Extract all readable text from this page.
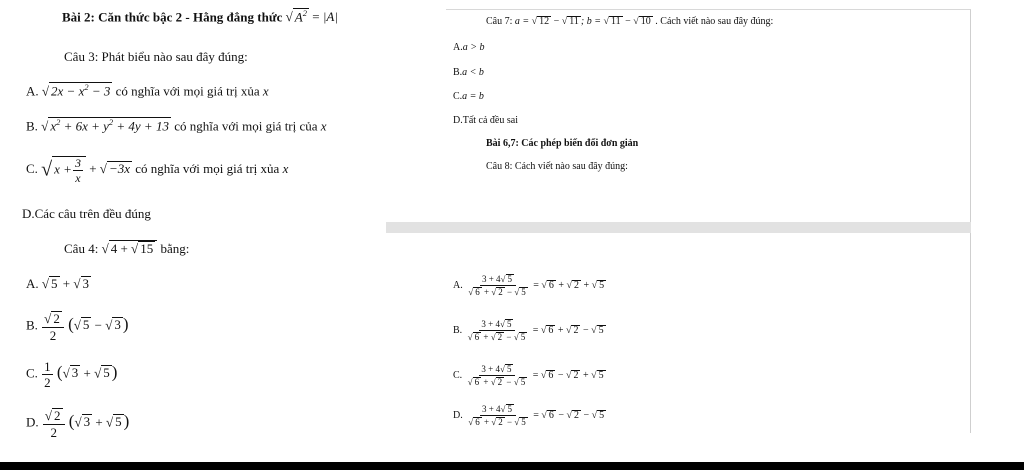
Bài 2: Căn thức bậc 2 - Hằng đẳng thức √ $A^2 = |A|$
Câu 3: Phát biểu nào sau đây đúng:
A. √ $2x - x^2 - 3$ có nghĩa với mọi giá trị xủa x
B. √ $x^2 + 6x + y^2 + 4y + 13$ có nghĩa với mọi giá trị của x
C. √ $x + \frac{3}{x}$ + √ −3x có nghĩa với mọi giá trị xủa x
D.Các câu trên đều đúng
Câu 4: √ 4 + √ 15 bằng:
A. √ 5 + √ 3
B. $\frac{√ 2}{2}$ (√ 5 − √ 3 )
C. $\frac{1}{2}$ (√ 3 + √ 5 )
D. $\frac{√ 2}{2}$ (√ 3 + √ 5 )
Câu 7: a = √ 12 − √ 11 ; b = √ 11 − √ 10 . Cách viết nào sau đây đúng:
A.a > b
B.a < b
C.a = b
D.Tất cả đều sai
Bài 6,7: Các phép biến đổi đơn giản
Câu 8: Cách viết nào sau đây đúng:
A. $\frac{3 + 4√ 5}{√ 6 + √ 2 - √ 5}$ = √ 6 + √ 2 + √ 5
B. $\frac{3 + 4√ 5}{√ 6 + √ 2 - √ 5}$ = √ 6 + √ 2 − √ 5
C. $\frac{3 + 4√ 5}{√ 6 + √ 2 - √ 5}$ = √ 6 − √ 2 + √ 5
D. $\frac{3 + 4√ 5}{√ 6 + √ 2 - √ 5}$ = √ 6 − √ 2 − √ 5
